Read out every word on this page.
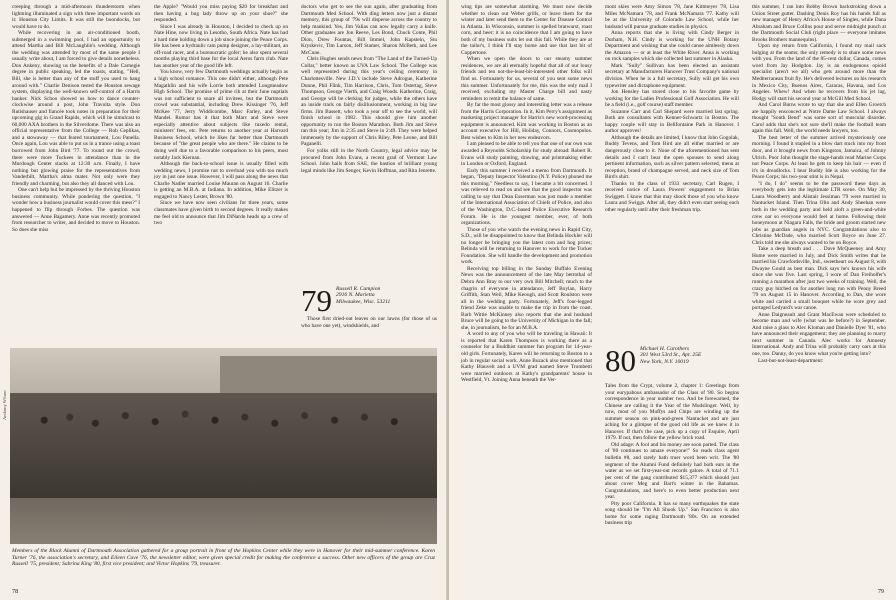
creeping through a mid-afternoon thunderstorm when lightning illuminated a sign with three important words on it: Houston City Limits. It was still the boondocks, but would have to do.

While recovering in an air-conditioned booth, submerged in a swimming pool, I had an opportunity to attend Martha and Bill McLaughlin's wedding. Although the wedding was attended by most of the same people I usually write about, I am forced to give details nonetheless. Don Ankeny, showing us the benefits of a Dale Carnegie degree in public speaking, led the toasts, stating, "Hell, Bill, she is better than any of the stuff you used to hang around with." Charlie Denison tested the Houston sewage system, displaying the well-known self-control of a Harris banker. Nick Schoo showed us how to dance counter-clockwise around a post, John Travolta style. Don Rutishauser and fiancée took notes in preparation for their upcoming gig in Grand Rapids, which will be simulcast to 60,000 AXA brothers in the Silverdome. There was also an official representative from the College — Rob Ceplikas, and a stowaway — that feared tournament, Lou Panella. Once again, Lou was able to put us in a trance using a toast borrowed from John Bird '77. To round out the crowd, there were more Tuckees in attendance than in the Murdough Center stacks at 12:30 a.m. Finally, I have nothing but glowing praise for the representatives from Vanderbilt, Martha's alma mater. Not only were they friendly and charming, but also they all danced with Lou.

One can't help but be impressed by the thriving Houston business community. While pondering the question, "I wonder how a business journalist would cover this mess?" I happened to flip through Forbes. The question was answered — Anne Bagamery. Anne was recently promoted from researcher to writer, and decided to move to Houston. So does she miss

the Apple? "Would you miss paying $20 for breakfast and then having a bug lady throw up on your shoe?" she responded.

Since I was already in Houston, I decided to check up on Nate Hine, now living in Lesotho, South Africa. Nate has had a hard time holding down a job since joining the Peace Corps. He has been a hydraulic ram pump designer, a lay-militant, an off-road racer, and a bureaucratic gofer; he also spent several months playing third base for the local Aeros farm club. Nate has another year of the good life left.

You know, very few Dartmouth weddings actually begin as a high school romance. This one didn't either, although Pete Magathlin and his wife Lorrie both attended Longmeadow High School. The promise of prime rib at their June nuptials was not sufficient to snare all invitees, but the Dartmouth crowd was substantial, including Drew Kissinger '76, Jeff McKee '77, Jerry Widdicombe, Marc Farley, and Steve Mandel. Rumor has it that both Marc and Steve were especially attentive about subjects like tuxedo rental, ministers' fees, etc. Pete returns to another year at Harvard Business School, which he likes far better than Dartmouth because of "the great people who are there." He claims to be doing well due to a favorable comparison to his peers, most notably Jack Kiernan.

Although the back-to-school issue is usually filled with wedding news, I promise not to overload you with too much joy in just one issue. However, I will pass along the news that Charlie Nadler married Louise Mauran on August 16. Charlie is getting an M.B.A. at Indiana. In addition, Mike Elitzer is engaged to Nancy Lester, Brown '80.

Since we have now seen civilians for three years, some classmates have given birth to second degrees. It really makes me feel old to announce that Jim DiNardo heads up a crew of two

doctors who get to see the sun again, after graduating from Dartmouth Med School. With ding letters now just a distant memory, this group of '79s will disperse across the country to help mankind. Yes, Jim Valias can now legally carry a knife. Other graduates are Jon Reeve, Les Bond, Chuck Conte, Phil Dion, Drew Fountas, Bill Immel, John Kapstein, Stu Kryskevic, Tim Larson, Jeff Stamer, Sharon McBeth, and Lee McCune.

Chris Hughes sends news from "The Land of the Turned-Up Collar," better known as UVA Law School. The College was well represented during this year's ceiling ceremony in Charlottesville. New J.D.'s include Steve Adrogue, Katherine Dunne, Phil Flink, Tim Harrison, Chris, Tom Ostertag, Steve Thompson, George Vierth, and Craig Woods. Katherine, Craig, and George will be clerking for judges, while the others have an inside track on fairly disillusionment, working in big law firms. Jim Bassett, who took a year off to see the world, will finish school in 1982. This should give him another opportunity to run the Boston Marathon. Both Jim and Steve ran this year; Jim in 2:35 and Steve in 2:49. They were helped immensely by the support of Chris Riley, Pete Leone, and Bill Paganelli.

For yolks still in the North Country, legal advice may be procured from John Evans, a recent grad of Vermont Law School. John hails from SAE, the bastion of brilliant young legal minds like Jim Senger, Kevin Hoffman, and Rita Jenrette.

79 Russell R. Campion
2916 N. Marietta
Milwaukee, Wisc. 53211
Those first dried-out leaves on our lawns (for those of us who have one yet), windshields, and
Anthony Wilson
Members of the Black Alumni of Dartmouth Association gathered for a group portrait in front of the Hopkins Center while they were in Hanover for their mid-summer conference. Karen Turner '76, the association's secretary, and Eileen Cave '76, the newsletter editor, were given special credit for making the conference a success. Other new officers of the group are Cruz Russell '75, president; Sabrina King '80, first vice president; and Victor Hopkins '79, treasurer.
78

wing tips are somewhat alarming. We must now decide whether to clean out Weber grills, or leave them for the winter and later send them to the Center for Disease Control in Atlanta. In Wisconsin, summer is spelled bratwurst, roast corn, and beer; it is no coincidence that I am going to have both of my business suits let out this fall. While they are at the tailor's, I think I'll stay home and use that last bit of Coppertone.

When we open the doors to our steamy summer residences, we are all eternally hopeful that all of our lousy friends and ten not-the-least-bit-interested other folks will find us. Fortunately for us, several of you sent some news this summer. Unfortunately for me, this was the only mail I received, excluding my Master Charge bill and nasty reminders to remit the balance of same.

By far the most glossy and interesting letter was a release from the Harris Corporation. In it, Kim Perry's assignment as marketing project manager for Harris's new word-processing equipment is announced. Kim was working in Boston as an account executive for Hill, Holiday, Connors, Cosmopulos. Best wishes to Kim in her new endeavors.

I am pleased to be able to tell you that one of our own was awarded a Reynolds Scholarship for study abroad: Robert R. Evans will study painting, drawing, and printmaking either in London or Oxford, England.

Early this summer I received a memo from Dartmouth. It began, "Deputy Inspector Valentino (N.Y. Police) phoned me this morning." Needless to say, I became a bit concerned. I was relieved to read on and see that the good inspector was calling to say that Dean Esserman was just made a member of the International Association of Chiefs of Police, and also of the Washington, D.C.-based Police Executive Research Forum. He is the youngest member, ever, of both organizations.

Those of you who watch the evening news in Rapid City, S.D., will be disappointed to know that Belinda Hockler will no longer be bringing you the latest corn and hog prices; Belinda will be returning to Hanover to work for the Tucker Foundation. She will handle the development and promotion work.

Receiving top billing in the Sunday Buffalo Evening News was the announcement of the late May betrothal of Debra Ann Bray to our very own Bill Mitchell; much to the chagrin of everyone in attendance, Jeff Boylan, Harry Griffith, Stan Weil, Mike Keough, and Scott Roulston were all in the wedding party. Fortunately, Jeff's four-legged friend Zeke was unable to make the trip in from the coast. Barb Wittie McKinney also reports that she and husband Bruce will be going to the University of Michigan in the fall; she, in journalism, he for an M.B.A.

A word to any of you who will be traveling in Hawaii: It is reported that Karen Thompson is working there as a counselor for a Buddhist summer fun program for 14-year-old girls. Fortunately, Karen will be returning to Boston to a job in regular social work. Anne Buzack also mentioned that Kathy Blauvelt and a UVM grad named Steve Trombetti were married outdoors at Kathy's grandparents' house in Westfield, Vt. Joining Anna beneath the Ver-

mont skies were Amy Simon '78, Jane Kittmeyer '78, Lisa Miles McNamara '78, and Frank McNamara '77. Kathy will be at the University of Colorado Law School, while her husband will pursue graduate studies in physics.

Anna reports that she is living with Cindy Berger in Durham, N.H. Cindy is working for the UNH Botany Department and wishing that she could canoe aimlessly down the Amazon — or at least the White River. Anna is working on rock samples which she collected last summer in Alaska.

Mark "Sully" Sullivan has been elected an assistant secretary at Manufacturers Hanover Trust Company's national division. When he is a full secretary, Sully will get his own typewriter and dictaphone equipment.

Jon Hensley has stored close to his favorite game by working for the Ladies Professional Golf Association. He will be a field (i.e., golf course) staff member.

Suzanne Carr and Carl Shepard were married last spring. Both are consultants with Kenner-Schwartz in Boston. The happy couple will stay in Bellfontaine Park in Hanover. I author approves!

Although the details are limited, I know that John Gogolak, Buddy Tevens, and Tom Bird are all either married or are dangerously close to it. None of the aforementioned has sent details and I can't bear the open spouses to send along pertinent information, such as silver pattern selected, menu at reception, brand of champagne served, and neck size of Tom Bird's shirt.

Thanks to the class of 1933 secretary, Carl Rugen, I received notice of Laura Powers' engagement to Brian Swiggett. I know that this may shock those of you who know Laura and Swiggs. After all, they didn't even start seeing each other regularly until after their freshman trip.

80 Michael H. Carothers
301 West 53rd St., Apt. 25E
New York, N.Y. 10019

Tales from the Crypt, volume 2, chapter 1: Greetings from your eurypabous ambassador of the Class of '80. So begins correspondence in year number two. And be forewarned, the Chinese are calling it the Year of the Mudslinger. Well, by now, most of you Muffys and Chips are winding up the summer season on pink-and-green Nantucket and are just aching for a glimpse of the good old life as we knew it in Hanover. If that's the case, pick up a copy of Esquire, April 1979. If not, then follow the yellow brick road.

Old adage: A fool and his money are soon parted. The class of '80 continues to amaze everyone!" So reads class agent bulletin #8, and rarely hath truer word been writ. The '80 segment of the Alumni Fund definitely had both ears in the water as we set first-year-out records galore. A total of 71.1 per cent of the gang contributed $15,377 which should just about cover Meg and Bart's winter in the Bahamas. Congratulations, and here's to even better production next year.

Pity poor California. It has so many earthquakes the state song should be "I'm All Shook Up." San Francisco is also home for some raging Dartmouth '80s. On an extended business trip

this summer, I ran into Bobby Brown backstroking down a Union Street gutter. Dashing Denis Roy has his hands full as new manager of Henry Africa's House of Singles, while Dana Abraham and Bruce Collins pour and serve midnight punch at the Dartmouth Social Club (right place — everyone imitates Brooks Brothers mannequins).

Upon my return from California, I found my mail sack bulging at the seams; the only remedy is to share some news with you. From the land of the 85-cent dollar, Canada, comes word from Jay Hodgdon. Jay is an endogenous opioid specialist (aren't we all) who gets around more than the Mediterranean fruit fly. He's delivered lectures on his research in Mexico City, Buenos Aires, Caracas, Havana, and Los Angeles. Whew! And when he recovers from his jet lag, Hodgy will start his second year at McGill Med School.

And Carol Burns wrote to say that she and Ellen Groetch are happily ensconced at Notre Dame Law School. I always thought "South Bend" was some sort of muscular disorder. Carol adds that she's not sure she'll make the football team again this fall. Well, the world needs lawyers, too.

The best letter of the summer arrived mysteriously one morning. I found it stapled in a blow dart stuck into my front door, and it brought news from Kingston, Jamaica, of Johnny Ulrich. Poor John thought the stage-hands read Marine Corps not Peace Corps. At least he gets to keep his hair — even if it's in dreadlocks. I hear Buddy Ide is also working for the Peace Corps; his two-year stint is in Nepal.

"I do, I do" seems to be the password these days as everybody gets into the legitimate LTR scene. On May 30, Laura Woodberry and Alistair Jessiman '79 were married in Nantucket Island. Then Trina Olin and Andy Sheehan were both in the wedding party and held aloft a green-and-white crew oar so everyone would feel at home. Following their honeymoon at Niagara Falls, the bride and groom started new jobs as guardian angels in NYC. Congratulations also to Christine McDade, who married Scott Boyce on June 27. Chris told me she always wanted to be on Boyce.

Take a deep breath and . . . Dave McQueeney and Amy Hume were married in July, and Dick Smith writes that he married his Crawfordsville, Ind., sweetheart on August 8, with Dwayne Gould as best man. Dick says he's known his wife since she was five. Last spring, I wore of Dan Freiholfer's running a marathon after just two weeks of training. Well, the crazy guy hitched on for another long run with Penny Breed '79 on August 15 in Hanover. According to Dan, she wore white and carried a small bouquet while he wore grey and portaged Ledyard's war canoe.

Anne Daigneault and Grant MacEwan were scheduled to become man and wife (what was he before?) in September. And raise a glass to Alec Kloman and Danielle Dyer '81, who have announced their engagement; they are planning to marry next summer in Canada. Alec works for Amnesty International. Andy and Trina will probably carry oars at this one, too. Danny, do you know what you're getting into?

Last-but-not-least-department:

79
